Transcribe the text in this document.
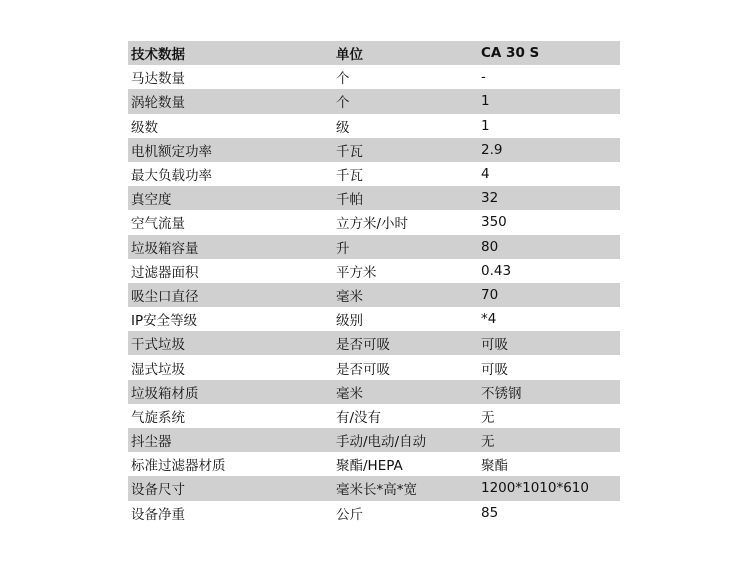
技术数据	单位	CA 30 S
马达数量	个	-
涡轮数量	个	1
级数	级	1
电机额定功率	千瓦	2.9
最大负载功率	千瓦	4
真空度	千帕	32
空气流量	立方米/小时	350
垃圾箱容量	升	80
过滤器面积	平方米	0.43
吸尘口直径	毫米	70
IP安全等级	级别	*4
干式垃圾	是否可吸	可吸
湿式垃圾	是否可吸	可吸
垃圾箱材质	毫米	不锈钢
气旋系统	有/没有	无
抖尘器	手动/电动/自动	无
标准过滤器材质	聚酯/HEPA	聚酯
设备尺寸	毫米长*高*宽	1200*1010*610
设备净重	公斤	85
